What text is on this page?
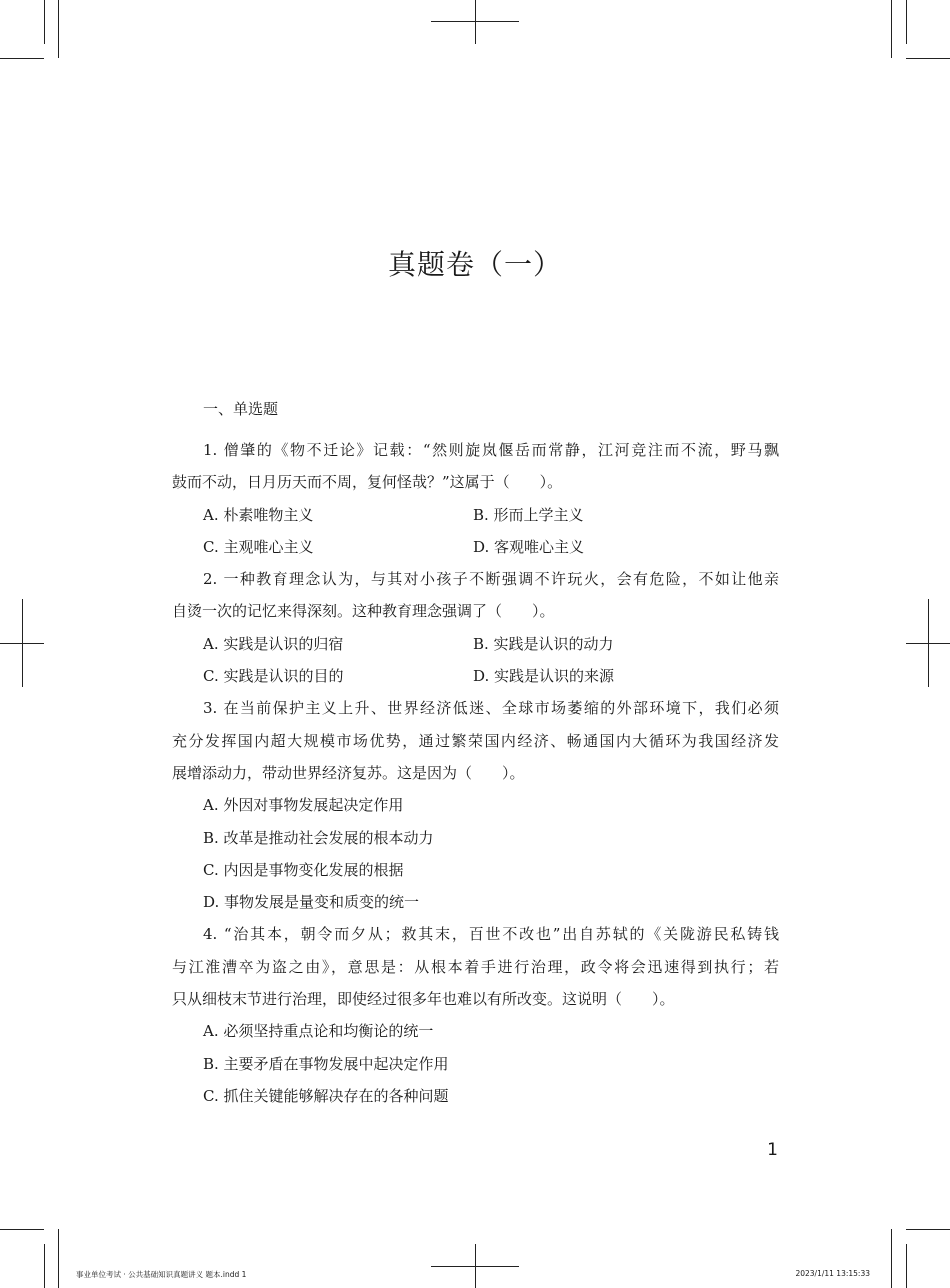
真题卷（一）
一、单选题
1. 僧肇的《物不迁论》记载：“然则旋岚偃岳而常静，江河竞注而不流，野马飘
鼓而不动，日月历天而不周，复何怪哉？”这属于（　　）。
A. 朴素唯物主义	B. 形而上学主义
C. 主观唯心主义	D. 客观唯心主义
2. 一种教育理念认为，与其对小孩子不断强调不许玩火，会有危险，不如让他亲
自烫一次的记忆来得深刻。这种教育理念强调了（　　）。
A. 实践是认识的归宿	B. 实践是认识的动力
C. 实践是认识的目的	D. 实践是认识的来源
3. 在当前保护主义上升、世界经济低迷、全球市场萎缩的外部环境下，我们必须
充分发挥国内超大规模市场优势，通过繁荣国内经济、畅通国内大循环为我国经济发
展增添动力，带动世界经济复苏。这是因为（　　）。
A. 外因对事物发展起决定作用
B. 改革是推动社会发展的根本动力
C. 内因是事物变化发展的根据
D. 事物发展是量变和质变的统一
4. “治其本，朝令而夕从；救其末，百世不改也”出自苏轼的《关陇游民私铸钱
与江淮漕卒为盗之由》，意思是：从根本着手进行治理，政令将会迅速得到执行；若
只从细枝末节进行治理，即使经过很多年也难以有所改变。这说明（　　）。
A. 必须坚持重点论和均衡论的统一
B. 主要矛盾在事物发展中起决定作用
C. 抓住关键能够解决存在的各种问题
1
事业单位考试 · 公共基础知识真题讲义 题本.indd 1	2023/1/11 13:15:33
